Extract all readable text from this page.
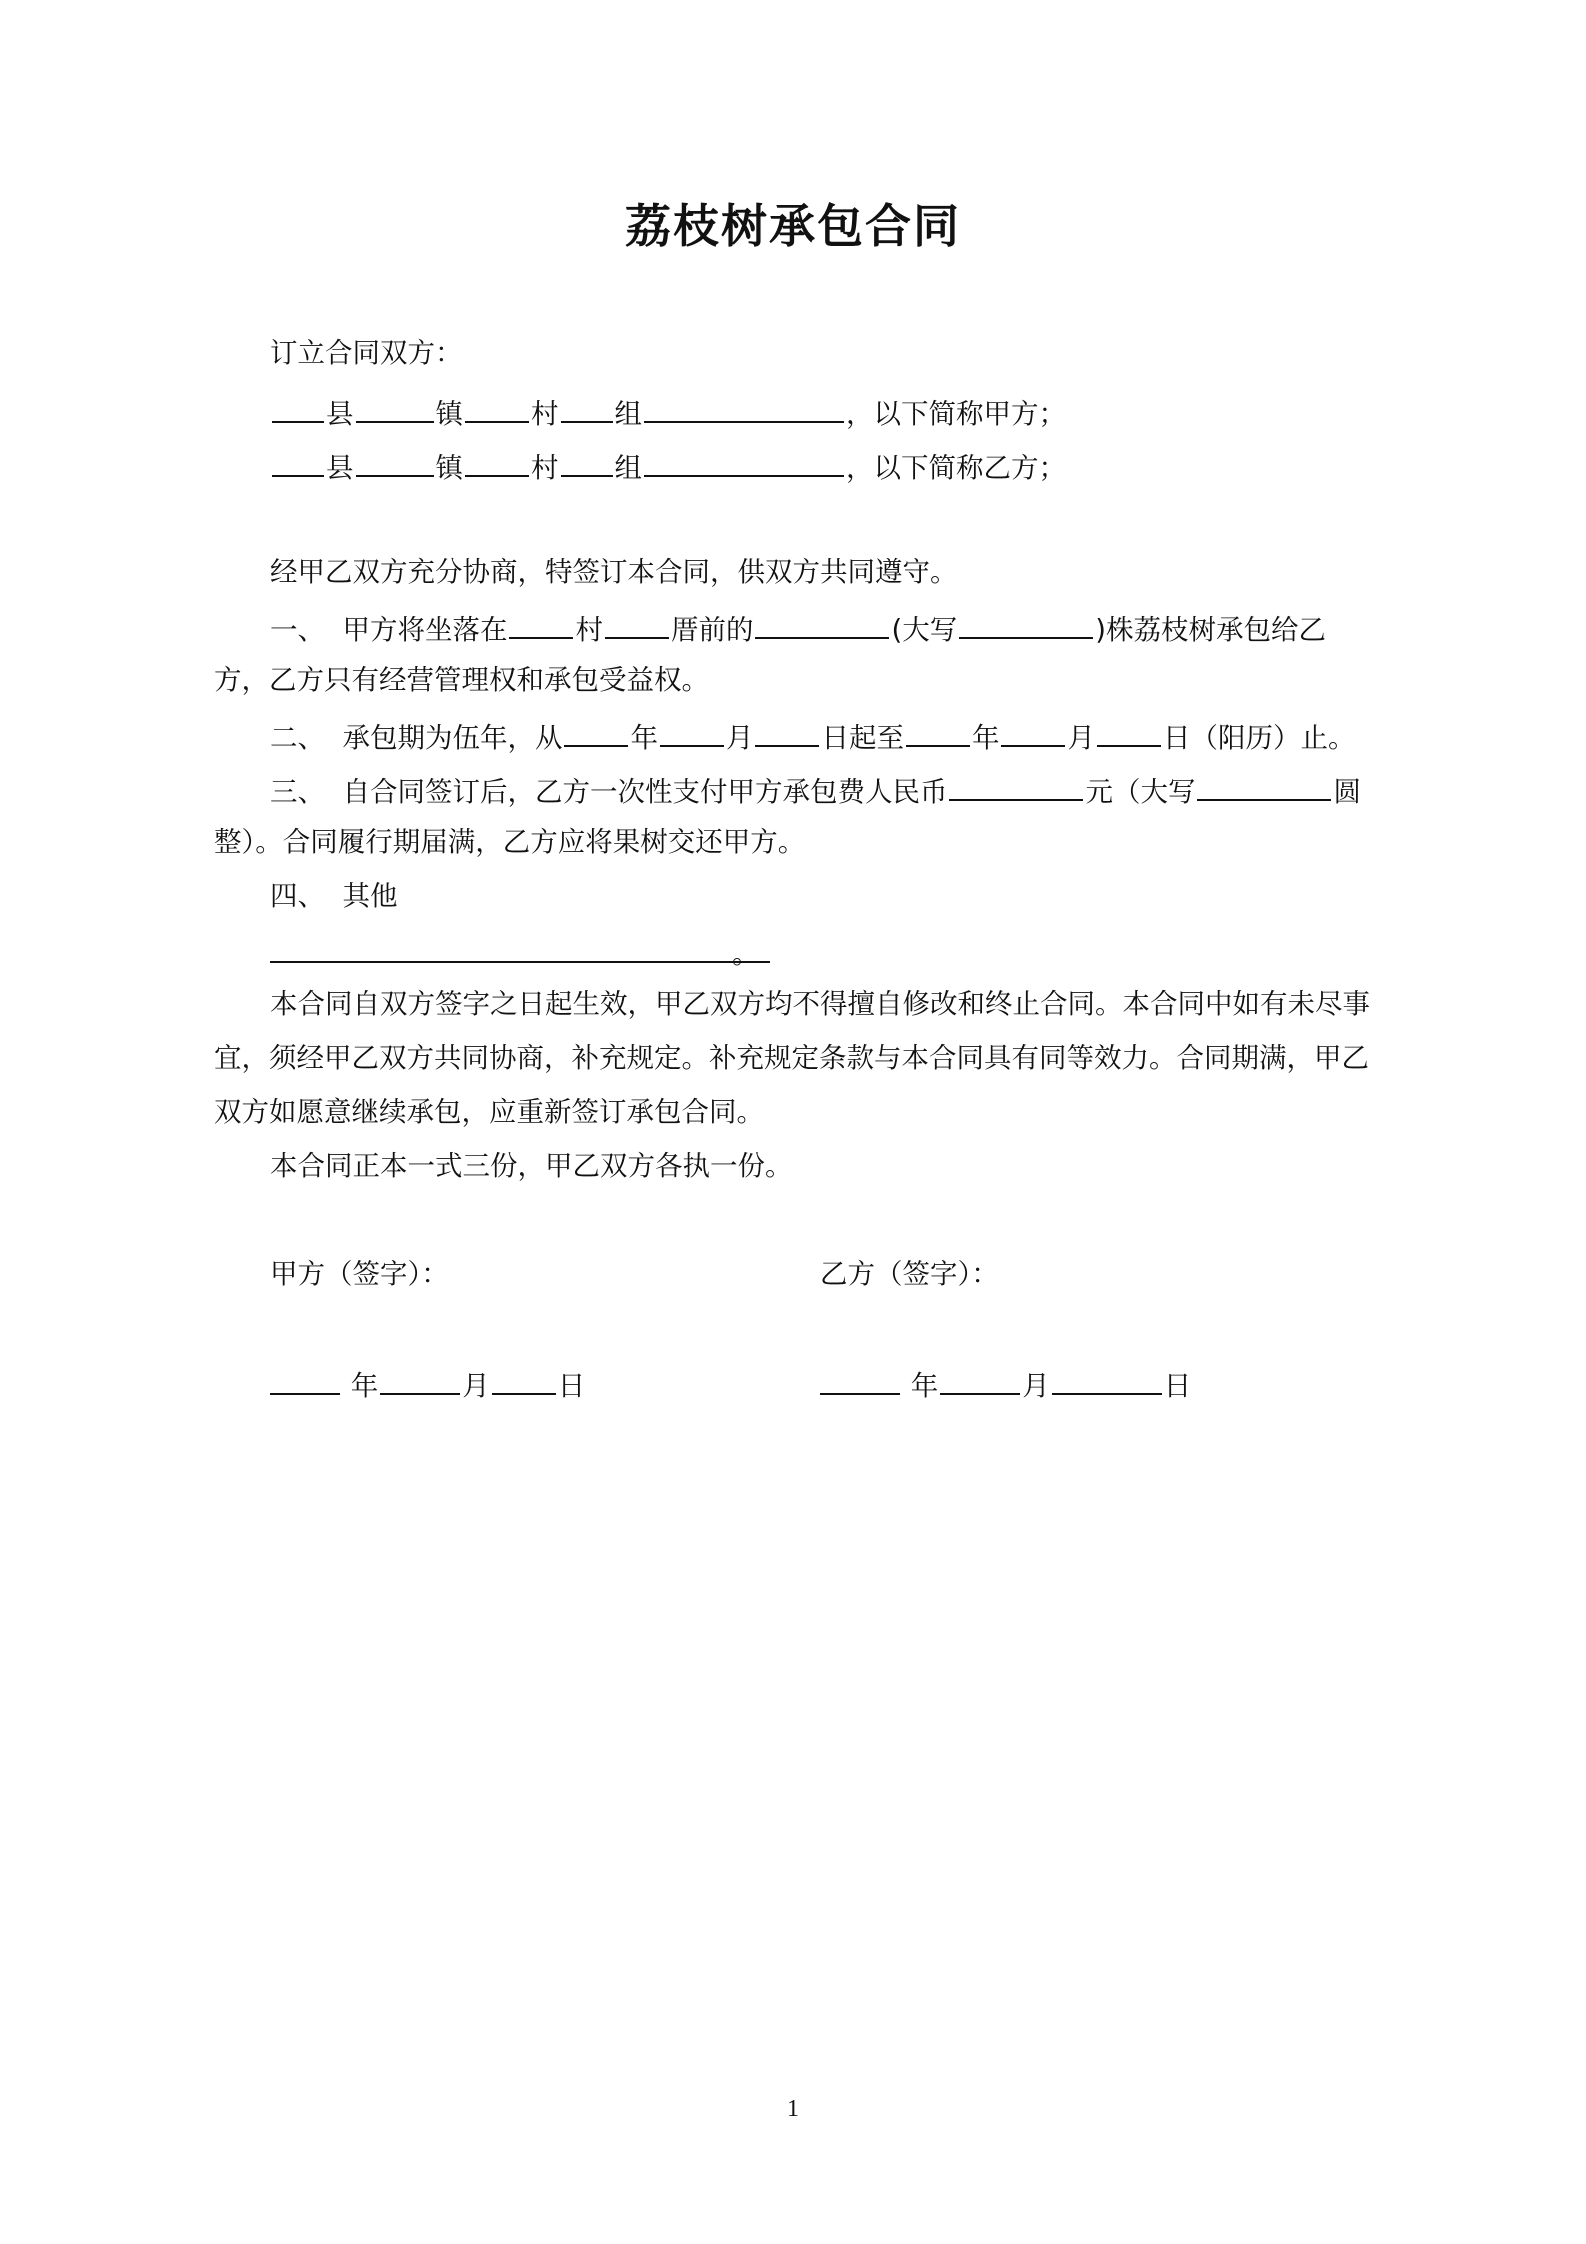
荔枝树承包合同
订立合同双方：
县	镇 村 组	，以下简称甲方；
县	镇 村 组	，以下简称乙方；
经甲乙双方充分协商，特签订本合同，供双方共同遵守。
一、 甲方将坐落在 村 厝前的	(大写	)株荔枝树承包给乙
方，乙方只有经营管理权和承包受益权。
二、 承包期为伍年，从 年 月 日起至 年 月 日（阳历）止。
三、 自合同签订后，乙方一次性支付甲方承包费人民币	元（大写	圆
整）。合同履行期届满，乙方应将果树交还甲方。
四、 其他
。
本合同自双方签字之日起生效，甲乙双方均不得擅自修改和终止合同。本合同中如有未尽事
宜，须经甲乙双方共同协商，补充规定。补充规定条款与本合同具有同等效力。合同期满，甲乙
双方如愿意继续承包，应重新签订承包合同。
本合同正本一式三份，甲乙双方各执一份。
甲方（签字）：	乙方（签字）：
年	月 日	年	月	日
1
